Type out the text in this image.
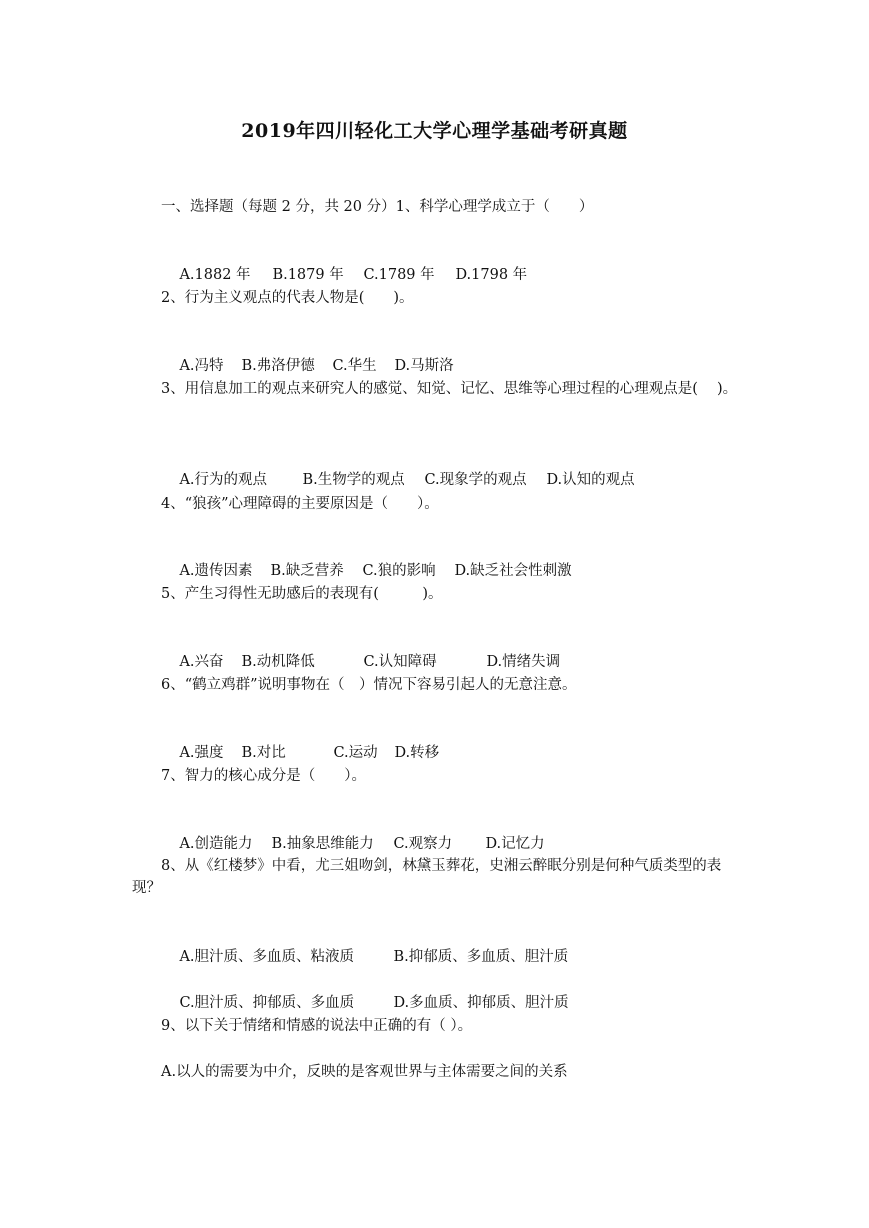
2019年四川轻化工大学心理学基础考研真题
一、选择题（每题 2 分，共 20 分）1、科学心理学成立于（　　）

A.1882 年 B.1879 年 C.1789 年 D.1798 年

2、行为主义观点的代表人物是(　　)。

A.冯特 B.弗洛伊德 C.华生 D.马斯洛

3、用信息加工的观点来研究人的感觉、知觉、记忆、思维等心理过程的心理观点是(　 )。

A.行为的观点 B.生物学的观点 C.现象学的观点 D.认知的观点

4、“狼孩”心理障碍的主要原因是（　　）。

A.遗传因素 B.缺乏营养 C.狼的影响 D.缺乏社会性刺激

5、产生习得性无助感后的表现有(　　　)。

A.兴奋 B.动机降低	C.认知障碍	D.情绪失调

6、“鹤立鸡群”说明事物在（　）情况下容易引起人的无意注意。

A.强度 B.对比	C.运动 D.转移

7、智力的核心成分是（　　）。

A.创造能力 B.抽象思维能力 C.观察力 D.记忆力

8、从《红楼梦》中看，尤三姐吻剑，林黛玉葬花，史湘云醉眠分别是何种气质类型的表现？

A.胆汁质、多血质、粘液质	B.抑郁质、多血质、胆汁质

C.胆汁质、抑郁质、多血质	D.多血质、抑郁质、胆汁质

9、以下关于情绪和情感的说法中正确的有（ ）。
A.以人的需要为中介，反映的是客观世界与主体需要之间的关系
